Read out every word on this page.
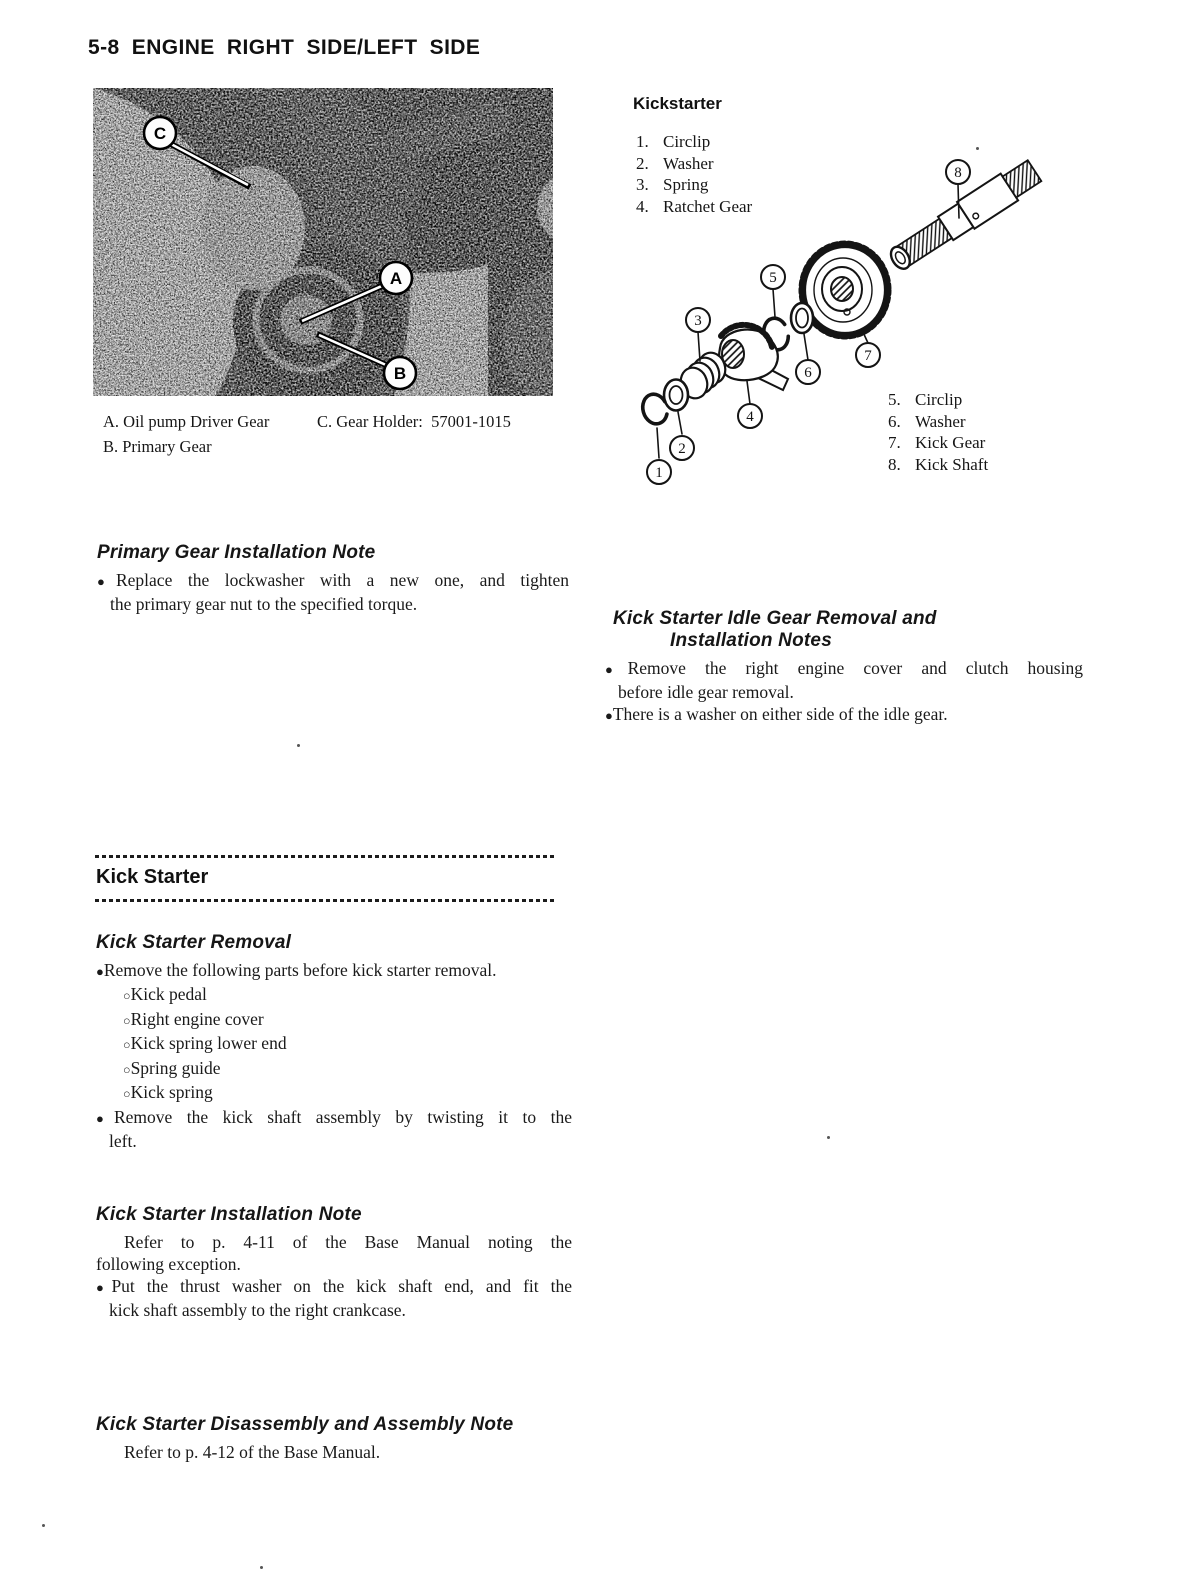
5-8 ENGINE RIGHT SIDE/LEFT SIDE
C
A
B
A. Oil pump Driver Gear	C. Gear Holder:  57001-1015
B. Primary Gear
Kickstarter
1. Circlip
2. Washer
3. Spring
4. Ratchet Gear
1
2
3
4
5
6
7
8
5. Circlip
6. Washer
7. Kick Gear
8. Kick Shaft
Primary Gear Installation Note
●Replace the lockwasher with a new one, and tighten
the primary gear nut to the specified torque.
Kick Starter Idle Gear Removal and
Installation Notes
●Remove the right engine cover and clutch housing
before idle gear removal.
●There is a washer on either side of the idle gear.
Kick Starter
Kick Starter Removal
●Remove the following parts before kick starter removal.
○Kick pedal
○Right engine cover
○Kick spring lower end
○Spring guide
○Kick spring
●Remove the kick shaft assembly by twisting it to the
left.
Kick Starter Installation Note
Refer to p. 4-11 of the Base Manual noting the
following exception.
●Put the thrust washer on the kick shaft end, and fit the
kick shaft assembly to the right crankcase.
Kick Starter Disassembly and Assembly Note
Refer to p. 4-12 of the Base Manual.
